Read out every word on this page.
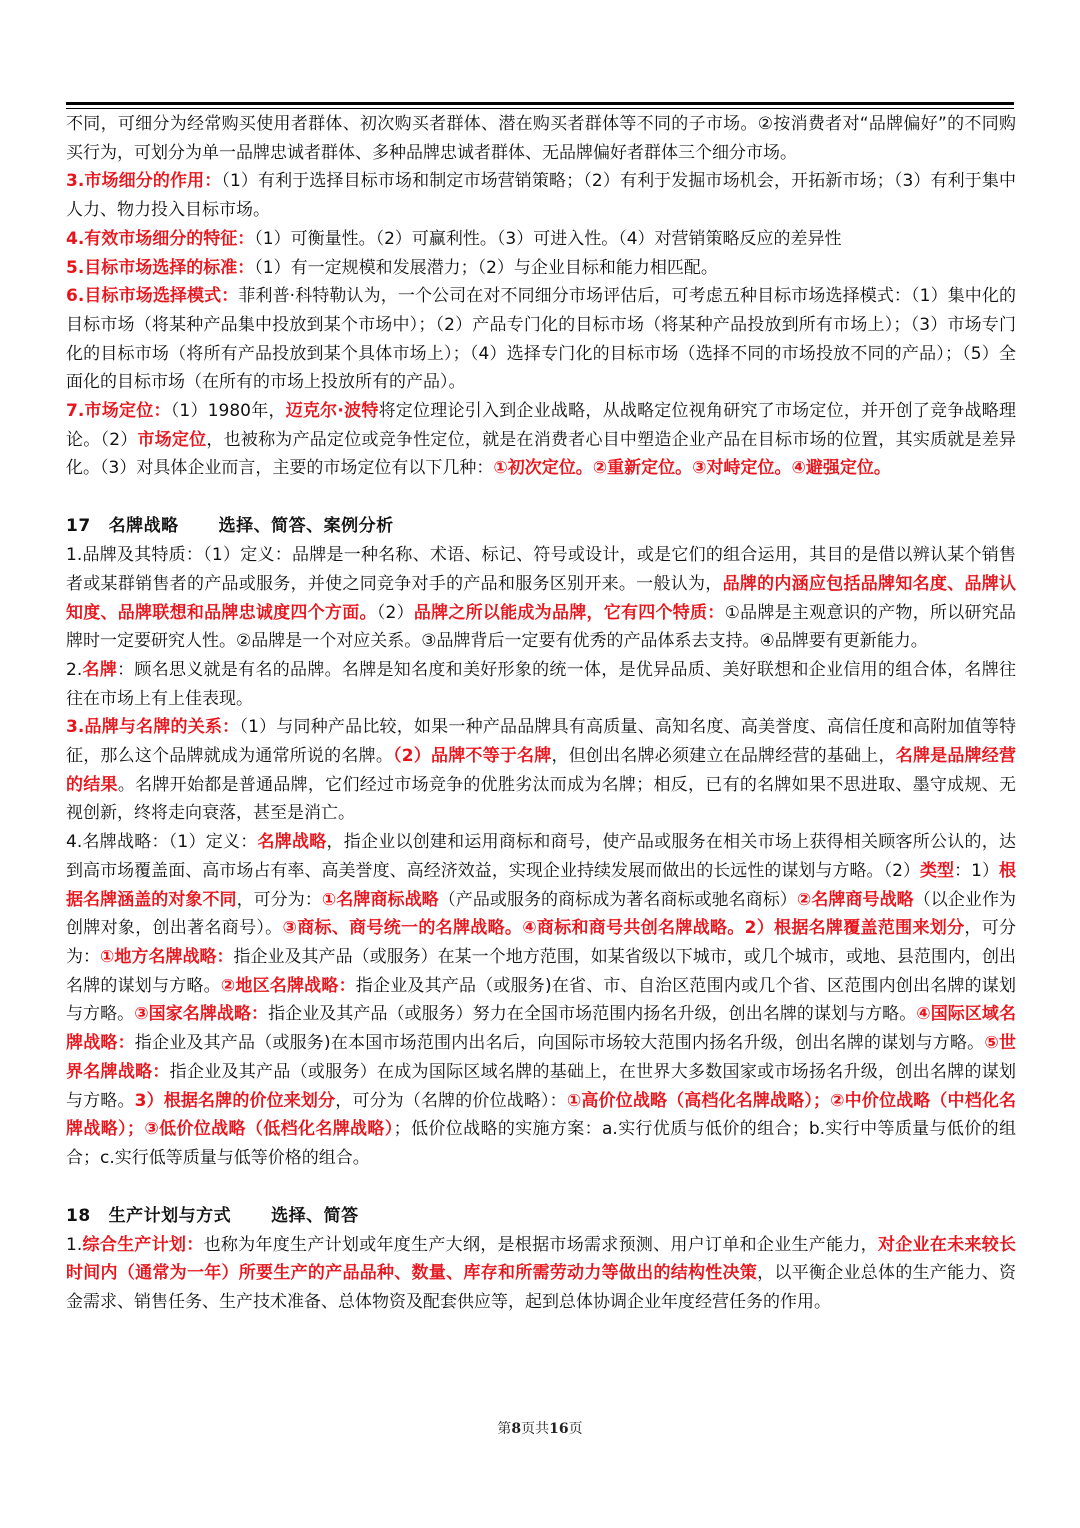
不同，可细分为经常购买使用者群体、初次购买者群体、潜在购买者群体等不同的子市场。②按消费者对“品牌偏好”的不同购买行为，可划分为单一品牌忠诚者群体、多种品牌忠诚者群体、无品牌偏好者群体三个细分市场。

3.市场细分的作用：（1）有利于选择目标市场和制定市场营销策略；（2）有利于发掘市场机会，开拓新市场；（3）有利于集中人力、物力投入目标市场。

4.有效市场细分的特征：（1）可衡量性。（2）可赢利性。（3）可进入性。（4）对营销策略反应的差异性

5.目标市场选择的标准：（1）有一定规模和发展潜力；（2）与企业目标和能力相匹配。

6.目标市场选择模式：菲利普·科特勒认为，一个公司在对不同细分市场评估后，可考虑五种目标市场选择模式：（1）集中化的目标市场（将某种产品集中投放到某个市场中）；（2）产品专门化的目标市场（将某种产品投放到所有市场上）；（3）市场专门化的目标市场（将所有产品投放到某个具体市场上）；（4）选择专门化的目标市场（选择不同的市场投放不同的产品）；（5）全面化的目标市场（在所有的市场上投放所有的产品）。

7.市场定位：（1）1980年，迈克尔·波特将定位理论引入到企业战略，从战略定位视角研究了市场定位，并开创了竞争战略理论。（2）市场定位，也被称为产品定位或竞争性定位，就是在消费者心目中塑造企业产品在目标市场的位置，其实质就是差异化。（3）对具体企业而言，主要的市场定位有以下几种：①初次定位。②重新定位。③对峙定位。④避强定位。

17 名牌战略 选择、简答、案例分析

1.品牌及其特质：（1）定义：品牌是一种名称、术语、标记、符号或设计，或是它们的组合运用，其目的是借以辨认某个销售者或某群销售者的产品或服务，并使之同竞争对手的产品和服务区别开来。一般认为，品牌的内涵应包括品牌知名度、品牌认知度、品牌联想和品牌忠诚度四个方面。（2）品牌之所以能成为品牌，它有四个特质：①品牌是主观意识的产物，所以研究品牌时一定要研究人性。②品牌是一个对应关系。③品牌背后一定要有优秀的产品体系去支持。④品牌要有更新能力。

2.名牌：顾名思义就是有名的品牌。名牌是知名度和美好形象的统一体，是优异品质、美好联想和企业信用的组合体，名牌往往在市场上有上佳表现。

3.品牌与名牌的关系：（1）与同种产品比较，如果一种产品品牌具有高质量、高知名度、高美誉度、高信任度和高附加值等特征，那么这个品牌就成为通常所说的名牌。（2）品牌不等于名牌，但创出名牌必须建立在品牌经营的基础上，名牌是品牌经营的结果。名牌开始都是普通品牌，它们经过市场竞争的优胜劣汰而成为名牌；相反，已有的名牌如果不思进取、墨守成规、无视创新，终将走向衰落，甚至是消亡。

4.名牌战略：（1）定义：名牌战略，指企业以创建和运用商标和商号，使产品或服务在相关市场上获得相关顾客所公认的，达到高市场覆盖面、高市场占有率、高美誉度、高经济效益，实现企业持续发展而做出的长远性的谋划与方略。（2）类型：1）根据名牌涵盖的对象不同，可分为：①名牌商标战略（产品或服务的商标成为著名商标或驰名商标）②名牌商号战略（以企业作为创牌对象，创出著名商号）。③商标、商号统一的名牌战略。④商标和商号共创名牌战略。2）根据名牌覆盖范围来划分，可分为：①地方名牌战略：指企业及其产品（或服务）在某一个地方范围，如某省级以下城市，或几个城市，或地、县范围内，创出名牌的谋划与方略。②地区名牌战略：指企业及其产品（或服务)在省、市、自治区范围内或几个省、区范围内创出名牌的谋划与方略。③国家名牌战略：指企业及其产品（或服务）努力在全国市场范围内扬名升级，创出名牌的谋划与方略。④国际区域名牌战略：指企业及其产品（或服务)在本国市场范围内出名后，向国际市场较大范围内扬名升级，创出名牌的谋划与方略。⑤世界名牌战略：指企业及其产品（或服务）在成为国际区域名牌的基础上，在世界大多数国家或市场扬名升级，创出名牌的谋划与方略。3）根据名牌的价位来划分，可分为（名牌的价位战略）：①高价位战略（高档化名牌战略）；②中价位战略（中档化名牌战略）；③低价位战略（低档化名牌战略）；低价位战略的实施方案：a.实行优质与低价的组合；b.实行中等质量与低价的组合；c.实行低等质量与低等价格的组合。

18 生产计划与方式 选择、简答

1.综合生产计划：也称为年度生产计划或年度生产大纲，是根据市场需求预测、用户订单和企业生产能力，对企业在未来较长时间内（通常为一年）所要生产的产品品种、数量、库存和所需劳动力等做出的结构性决策，以平衡企业总体的生产能力、资金需求、销售任务、生产技术准备、总体物资及配套供应等，起到总体协调企业年度经营任务的作用。

第8页共16页
